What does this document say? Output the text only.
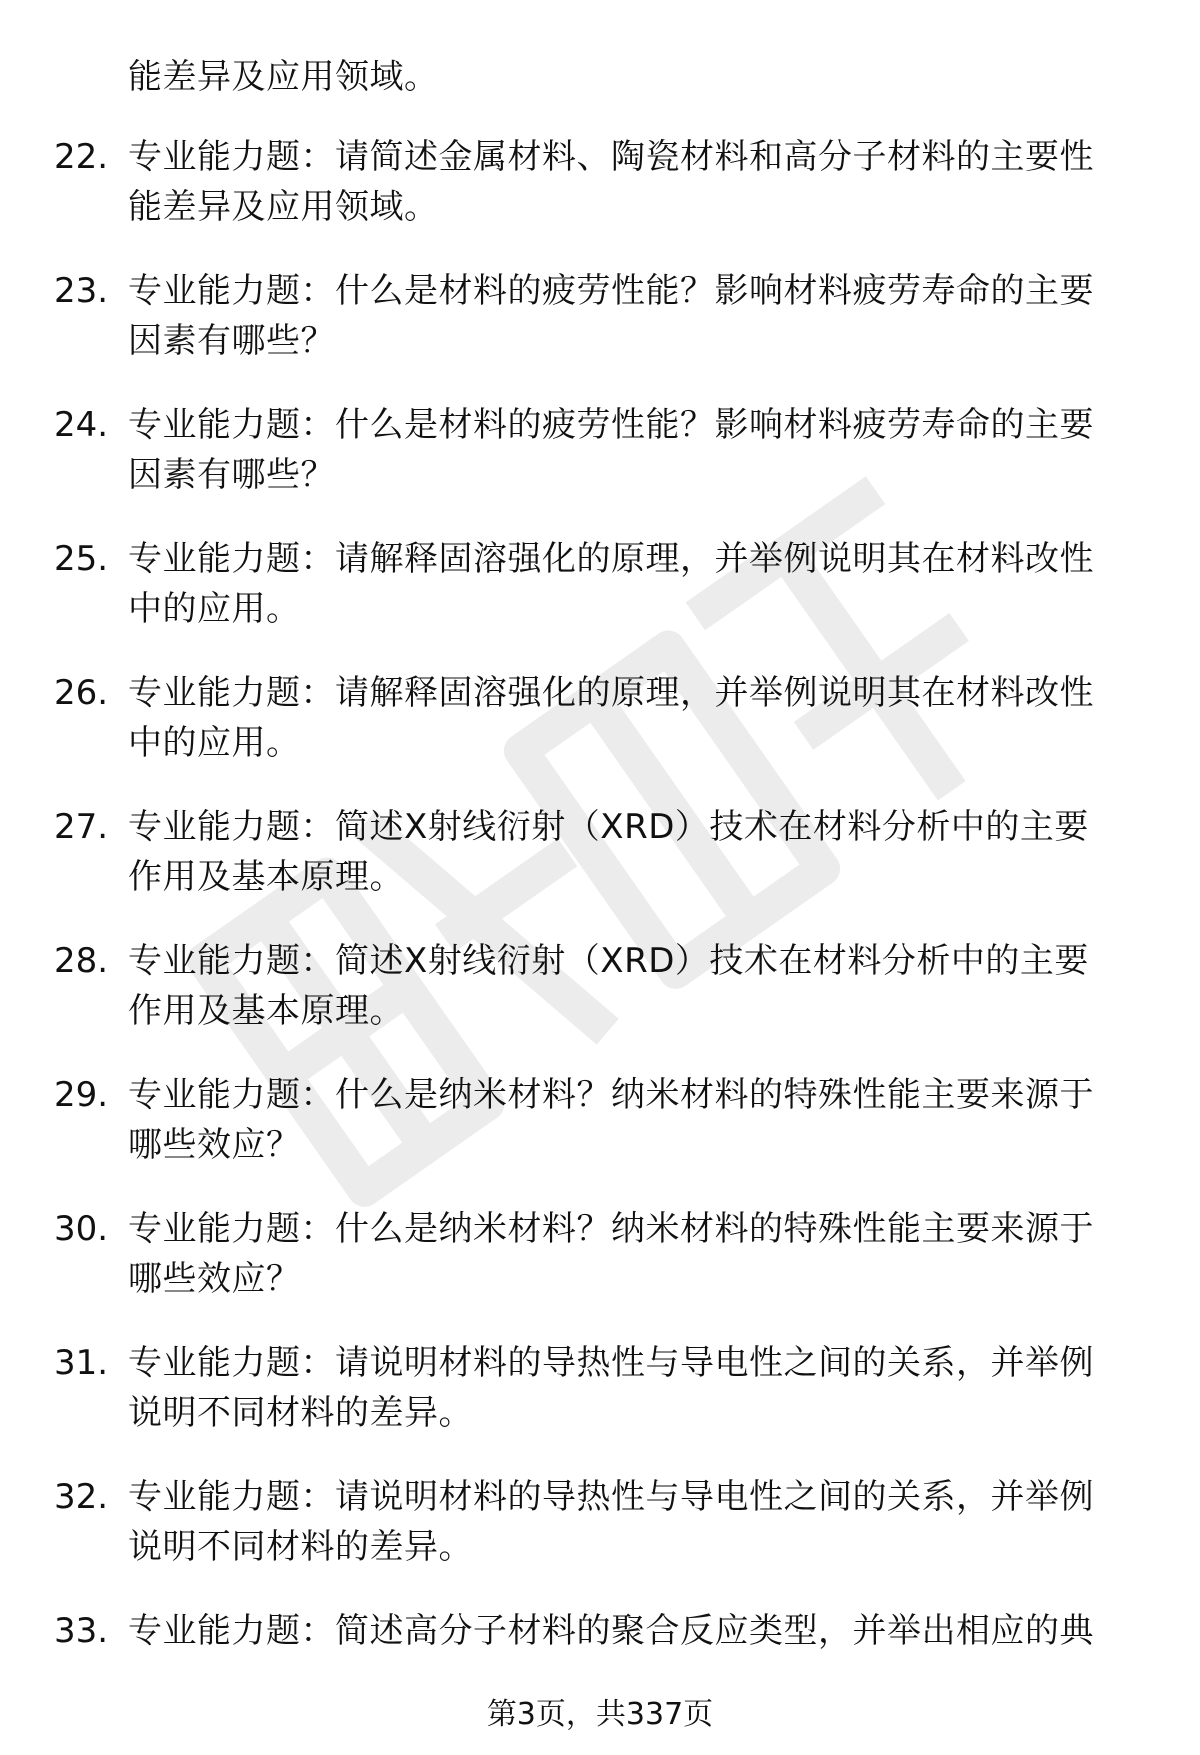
能差异及应用领域。
22. 专业能力题：请简述金属材料、陶瓷材料和高分子材料的主要性
能差异及应用领域。
23. 专业能力题：什么是材料的疲劳性能？影响材料疲劳寿命的主要
因素有哪些？
24. 专业能力题：什么是材料的疲劳性能？影响材料疲劳寿命的主要
因素有哪些？
25. 专业能力题：请解释固溶强化的原理，并举例说明其在材料改性
中的应用。
26. 专业能力题：请解释固溶强化的原理，并举例说明其在材料改性
中的应用。
27. 专业能力题：简述X射线衍射（XRD）技术在材料分析中的主要
作用及基本原理。
28. 专业能力题：简述X射线衍射（XRD）技术在材料分析中的主要
作用及基本原理。
29. 专业能力题：什么是纳米材料？纳米材料的特殊性能主要来源于
哪些效应？
30. 专业能力题：什么是纳米材料？纳米材料的特殊性能主要来源于
哪些效应？
31. 专业能力题：请说明材料的导热性与导电性之间的关系，并举例
说明不同材料的差异。
32. 专业能力题：请说明材料的导热性与导电性之间的关系，并举例
说明不同材料的差异。
33. 专业能力题：简述高分子材料的聚合反应类型，并举出相应的典
第3页，共337页
